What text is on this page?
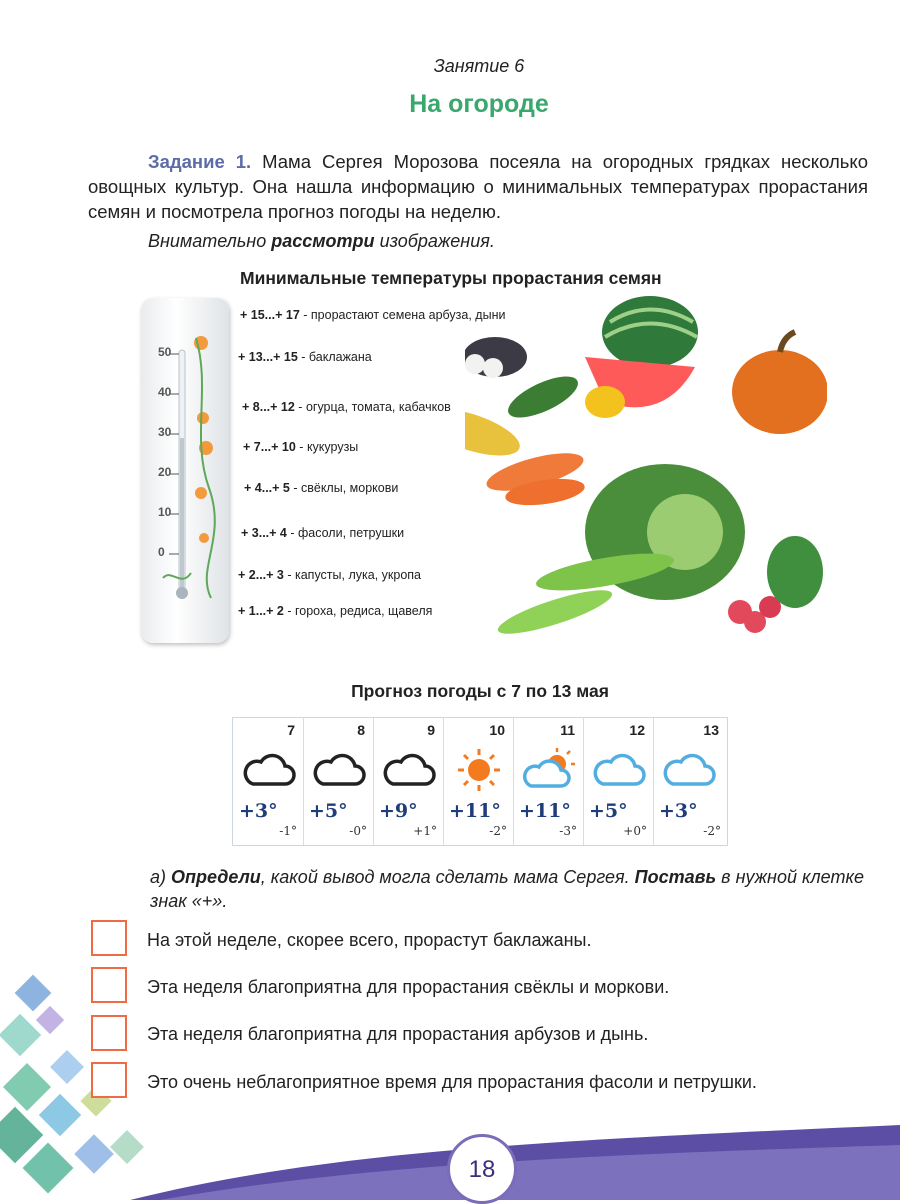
Занятие 6
На огороде
Задание 1. Мама Сергея Морозова посеяла на огородных грядках несколько овощных культур. Она нашла информацию о минимальных температурах прорастания семян и посмотрела прогноз погоды на неделю.
Внимательно рассмотри изображения.
Минимальные температуры прорастания семян
50
40
30
20
10
0
+ 15...+ 17 - прорастают семена арбуза, дыни
+ 13...+ 15 - баклажана
+ 8...+ 12 - огурца, томата, кабачков
+ 7...+ 10 - кукурузы
+ 4...+ 5 - свёклы, моркови
+ 3...+ 4 - фасоли, петрушки
+ 2...+ 3 - капусты, лука, укропа
+ 1...+ 2 - гороха, редиса, щавеля
Прогноз погоды с 7 по 13 мая
7
+3°
-1°
8
+5°
-0°
9
+9°
+1°
10
+11°
-2°
11
+11°
-3°
12
+5°
+0°
13
+3°
-2°
а) Определи, какой вывод могла сделать мама Сергея. Поставь в нужной клетке знак «+».
На этой неделе, скорее всего, прорастут баклажаны.
Эта неделя благоприятна для прорастания свёклы и моркови.
Эта неделя благоприятна для прорастания арбузов и дынь.
Это очень неблагоприятное время для прорастания фасоли и петрушки.
18
